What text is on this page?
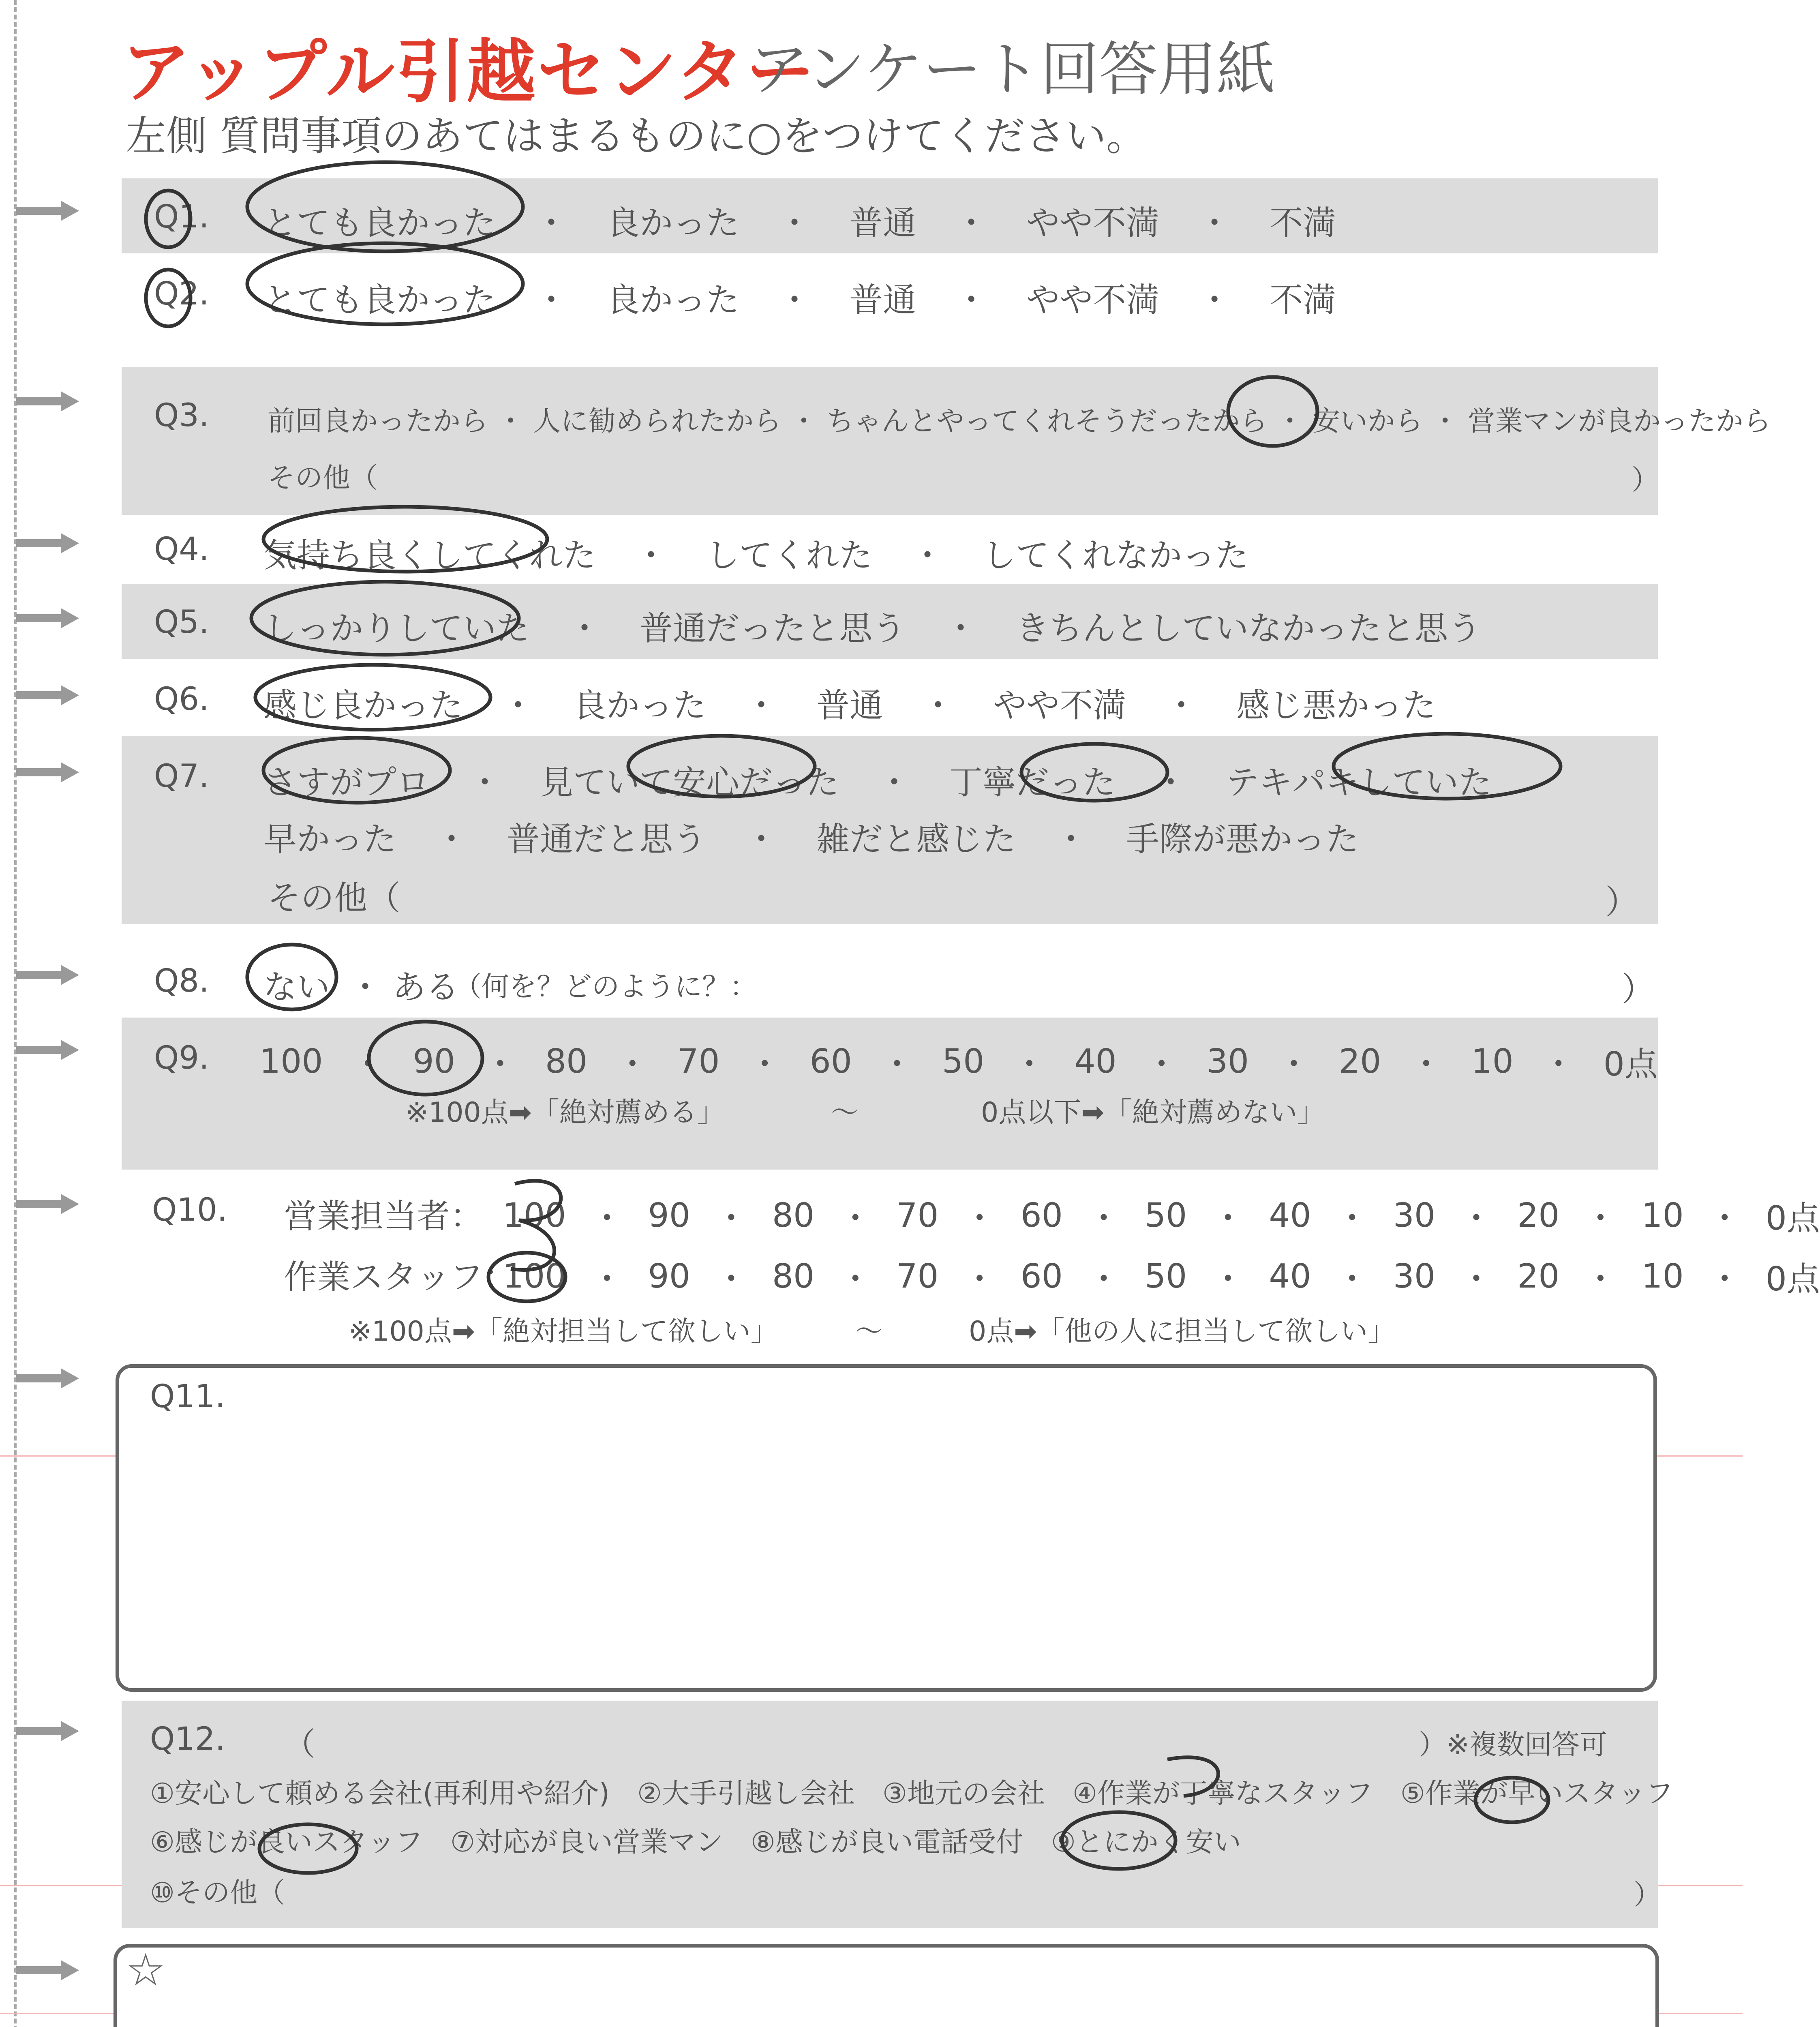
アップル引越センター
アンケート回答用紙
左側 質問事項のあてはまるものに○をつけてください。
Q1. とても良かった ・ 良かった ・ 普通 ・ やや不満 ・ 不満
Q2. とても良かった ・ 良かった ・ 普通 ・ やや不満 ・ 不満
Q3. 前回良かったから ・ 人に勧められたから ・ ちゃんとやってくれそうだったから ・ 安いから ・ 営業マンが良かったから
その他（	）
Q4. 気持ち良くしてくれた ・ してくれた ・ してくれなかった
Q5. しっかりしていた ・ 普通だったと思う ・ きちんとしていなかったと思う
Q6. 感じ良かった ・ 良かった ・ 普通 ・ やや不満 ・ 感じ悪かった
Q7. さすがプロ ・ 見ていて安心だった ・ 丁寧だった ・ テキパキしていた
早かった ・ 普通だと思う ・ 雑だと感じた ・ 手際が悪かった
その他（	）
Q8. ない ・ ある
（何を？どのように？：	）
Q9. 100 ・ 90 ・ 80 ・ 70 ・ 60 ・ 50 ・ 40 ・ 30 ・ 20 ・ 10 ・ 0点
※100点➡「絶対薦める」	～	0点以下➡「絶対薦めない」
Q10. 営業担当者： 100 ・ 90 ・ 80 ・ 70 ・ 60 ・ 50 ・ 40 ・ 30 ・ 20 ・ 10 ・ 0点
作業スタッフ：
100 ・ 90 ・ 80 ・ 70 ・ 60 ・ 50 ・ 40 ・ 30 ・ 20 ・ 10 ・ 0点
※100点➡「絶対担当して欲しい」	～	0点➡「他の人に担当して欲しい」
Q11.
Q12. （	）※複数回答可
①安心して頼める会社(再利用や紹介)　②大手引越し会社　③地元の会社　④作業が丁寧なスタッフ　⑤作業が早いスタッフ
⑥感じが良いスタッフ　⑦対応が良い営業マン　⑧感じが良い電話受付　⑨とにかく安い
⑩その他（	）
☆
